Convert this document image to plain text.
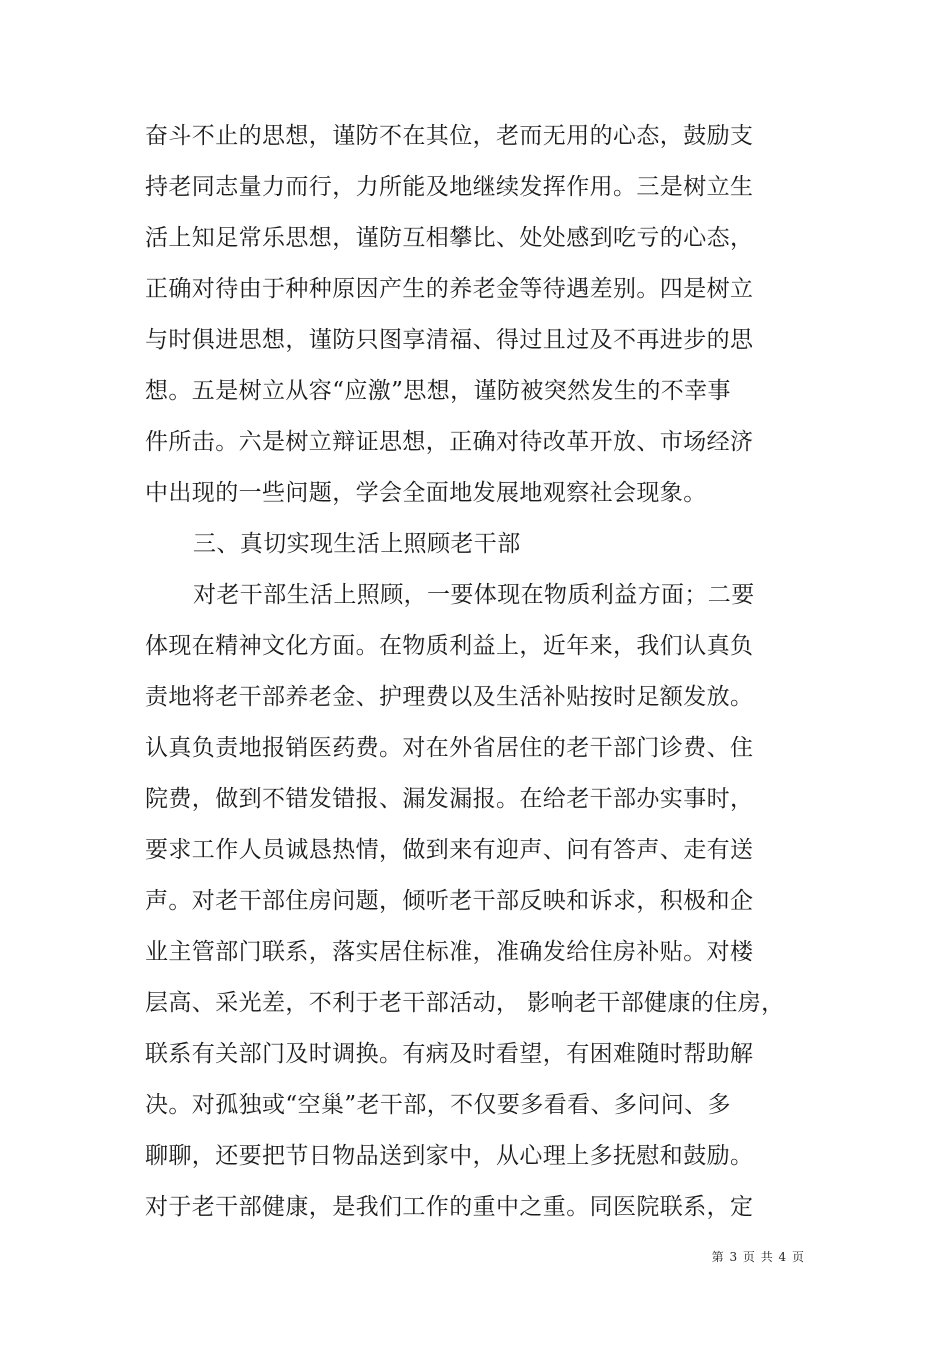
奋斗不止的思想，谨防不在其位，老而无用的心态，鼓励支
持老同志量力而行，力所能及地继续发挥作用。三是树立生
活上知足常乐思想，谨防互相攀比、处处感到吃亏的心态，
正确对待由于种种原因产生的养老金等待遇差别。四是树立
与时俱进思想，谨防只图享清福、得过且过及不再进步的思
想。五是树立从容“应激”思想，谨防被突然发生的不幸事
件所击。六是树立辩证思想，正确对待改革开放、市场经济
中出现的一些问题，学会全面地发展地观察社会现象。
三、真切实现生活上照顾老干部
对老干部生活上照顾，一要体现在物质利益方面；二要
体现在精神文化方面。在物质利益上，近年来，我们认真负
责地将老干部养老金、护理费以及生活补贴按时足额发放。
认真负责地报销医药费。对在外省居住的老干部门诊费、住
院费，做到不错发错报、漏发漏报。在给老干部办实事时，
要求工作人员诚恳热情，做到来有迎声、问有答声、走有送
声。对老干部住房问题，倾听老干部反映和诉求，积极和企
业主管部门联系，落实居住标准，准确发给住房补贴。对楼
层高、采光差，不利于老干部活动， 影响老干部健康的住房，
联系有关部门及时调换。有病及时看望，有困难随时帮助解
决。对孤独或“空巢”老干部，不仅要多看看、多问问、多
聊聊，还要把节日物品送到家中，从心理上多抚慰和鼓励。
对于老干部健康，是我们工作的重中之重。同医院联系，定
第 3 页 共 4 页
